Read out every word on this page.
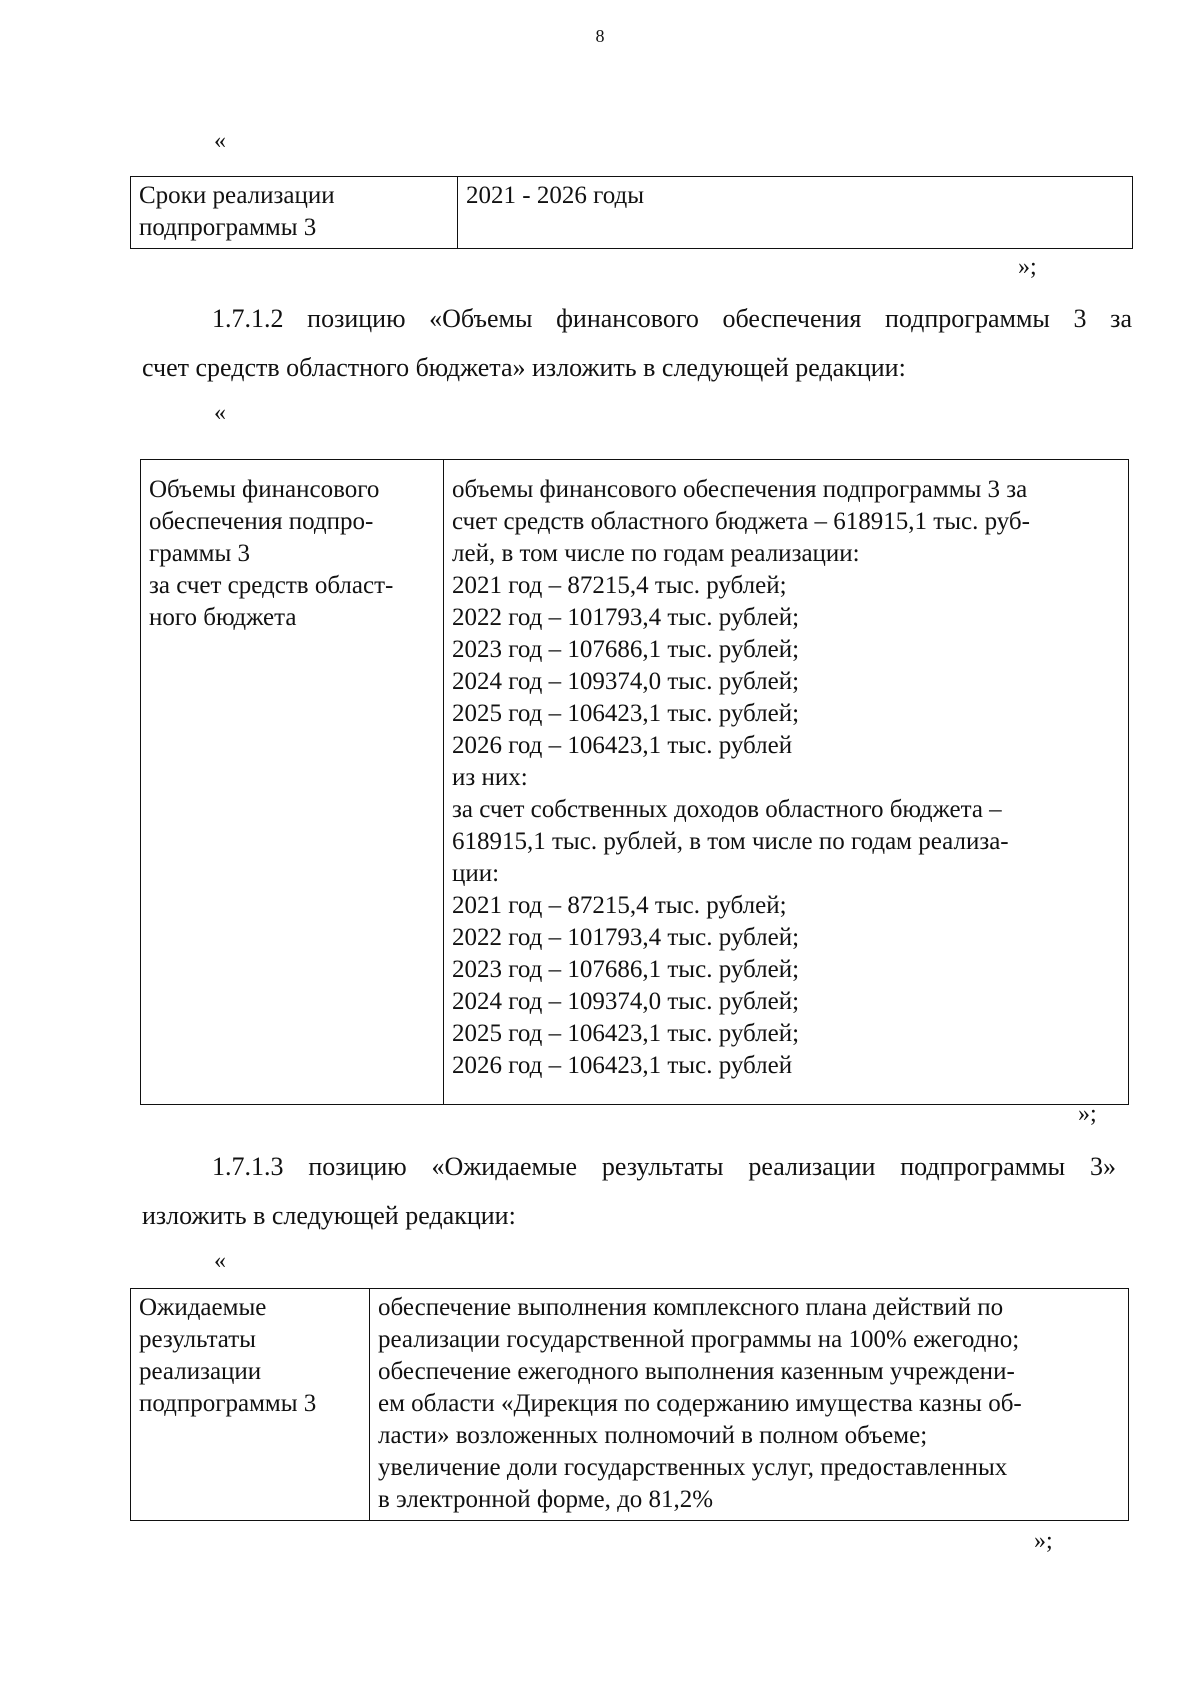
8
«
Сроки реализации
подпрограммы 3

2021 - 2026 годы
»;
1.7.1.2 позицию «Объемы финансового обеспечения подпрограммы 3 за
счет средств областного бюджета» изложить в следующей редакции:
«
Объемы финансового
обеспечения подпро-
граммы 3
за счет средств област-
ного бюджета

объемы финансового обеспечения подпрограммы 3 за
счет средств областного бюджета – 618915,1 тыс. руб-
лей, в том числе по годам реализации:
2021 год – 87215,4 тыс. рублей;
2022 год – 101793,4 тыс. рублей;
2023 год – 107686,1 тыс. рублей;
2024 год – 109374,0 тыс. рублей;
2025 год – 106423,1 тыс. рублей;
2026 год – 106423,1 тыс. рублей
из них:
за счет собственных доходов областного бюджета –
618915,1 тыс. рублей, в том числе по годам реализа-
ции:
2021 год – 87215,4 тыс. рублей;
2022 год – 101793,4 тыс. рублей;
2023 год – 107686,1 тыс. рублей;
2024 год – 109374,0 тыс. рублей;
2025 год – 106423,1 тыс. рублей;
2026 год – 106423,1 тыс. рублей
»;
1.7.1.3 позицию «Ожидаемые результаты реализации подпрограммы 3»
изложить в следующей редакции:
«
Ожидаемые
результаты
реализации
подпрограммы 3

обеспечение выполнения комплексного плана действий по
реализации государственной программы на 100% ежегодно;
обеспечение ежегодного выполнения казенным учреждени-
ем области «Дирекция по содержанию имущества казны об-
ласти» возложенных полномочий в полном объеме;
увеличение доли государственных услуг, предоставленных
в электронной форме, до 81,2%
»;
